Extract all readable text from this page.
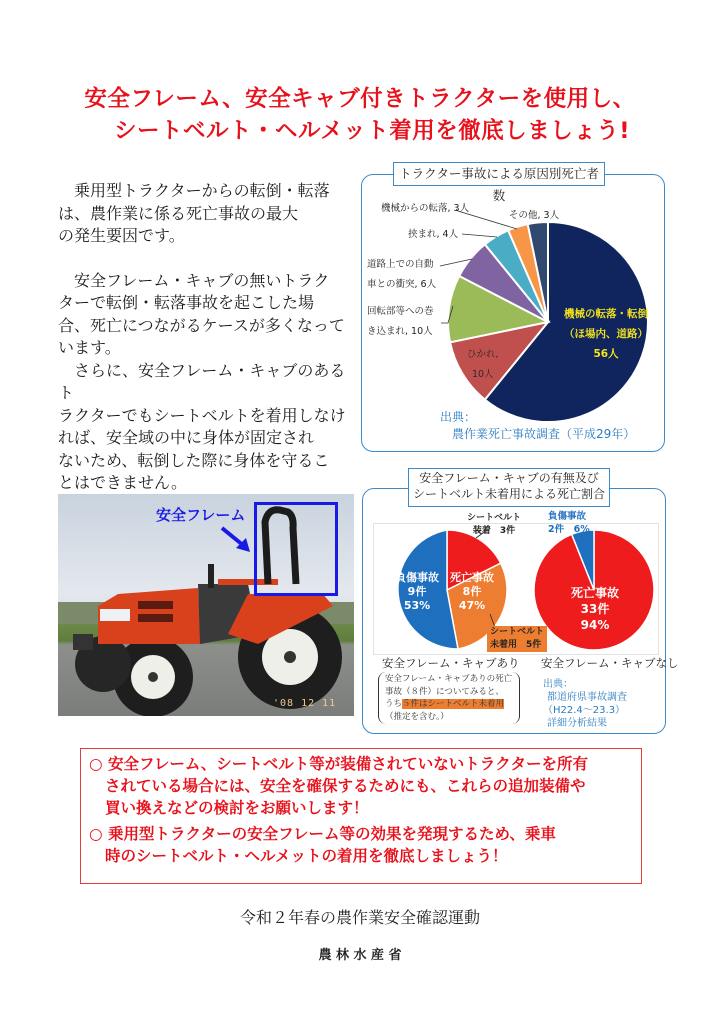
安全フレーム、安全キャブ付きトラクターを使用し、
シートベルト・ヘルメット着用を徹底しましょう!

　乗用型トラクターからの転倒・転落

は、農作業に係る死亡事故の最大

の発生要因です。

　安全フレーム・キャブの無いトラク

ターで転倒・転落事故を起こした場

合、死亡につながるケースが多くなって

います。

　さらに、安全フレーム・キャブのあるト

ラクターでもシートベルトを着用しなけ

れば、安全域の中に身体が固定され

ないため、転倒した際に身体を守るこ

とはできません。

トラクター事故による原因別死亡者数
機械からの転落, 3人
その他, 3人
挟まれ, 4人
道路上での自動
車との衝突, 6人
回転部等への巻
き込まれ, 10人
ひかれ,
10人
機械の転落・転倒
（ほ場内、道路）
56人
出典：
農作業死亡事故調査（平成29年）
安全フレーム
'08 12 11
安全フレーム・キャブの有無及び
シートベルト未着用による死亡割合
シートベルト
装着　3件
負傷事故
9件
53%
死亡事故
8件
47%
シートベルト
未着用　5件
負傷事故
2件　6%
死亡事故
33件
94%
安全フレーム・キャブあり 安全フレーム・キャブなし
安全フレーム・キャブありの死亡
事故（８件）についてみると、
うち５件はシートベルト未着用
（推定を含む。）
出典：
都道府県事故調査
（H22.4～23.3）
詳細分析結果

○ 安全フレーム、シートベルト等が装備されていないトラクターを所有

されている場合には、安全を確保するためにも、これらの追加装備や

買い換えなどの検討をお願いします！

○ 乗用型トラクターの安全フレーム等の効果を発現するため、乗車

時のシートベルト・ヘルメットの着用を徹底しましょう！

令和２年春の農作業安全確認運動
農 林 水 産 省
